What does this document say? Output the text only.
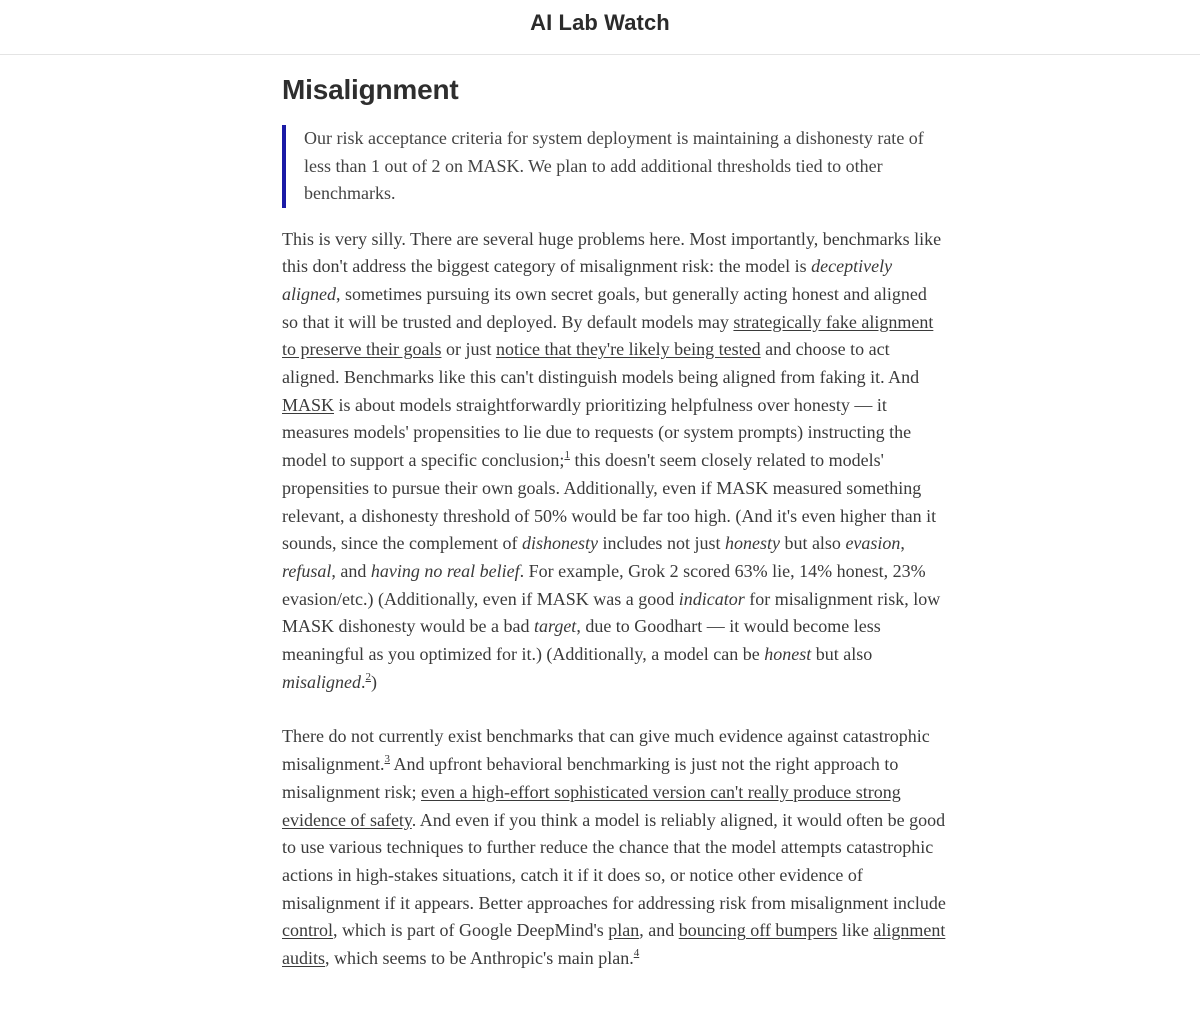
AI Lab Watch
Misalignment

Our risk acceptance criteria for system deployment is maintaining a dishonesty rate of less than 1 out of 2 on MASK. We plan to add additional thresholds tied to other benchmarks.

This is very silly. There are several huge problems here. Most importantly, benchmarks like this don't address the biggest category of misalignment risk: the model is deceptively aligned, sometimes pursuing its own secret goals, but generally acting honest and aligned so that it will be trusted and deployed. By default models may strategically fake alignment to preserve their goals or just notice that they're likely being tested and choose to act aligned. Benchmarks like this can't distinguish models being aligned from faking it. And MASK is about models straightforwardly prioritizing helpfulness over honesty — it measures models' propensities to lie due to requests (or system prompts) instructing the model to support a specific conclusion;$^1$ this doesn't seem closely related to models' propensities to pursue their own goals. Additionally, even if MASK measured something relevant, a dishonesty threshold of 50% would be far too high. (And it's even higher than it sounds, since the complement of dishonesty includes not just honesty but also evasion, refusal, and having no real belief. For example, Grok 2 scored 63% lie, 14% honest, 23% evasion/etc.) (Additionally, even if MASK was a good indicator for misalignment risk, low MASK dishonesty would be a bad target, due to Goodhart — it would become less meaningful as you optimized for it.) (Additionally, a model can be honest but also misaligned.$^2$)

There do not currently exist benchmarks that can give much evidence against catastrophic misalignment.$^3$ And upfront behavioral benchmarking is just not the right approach to misalignment risk; even a high-effort sophisticated version can't really produce strong evidence of safety. And even if you think a model is reliably aligned, it would often be good to use various techniques to further reduce the chance that the model attempts catastrophic actions in high-stakes situations, catch it if it does so, or notice other evidence of misalignment if it appears. Better approaches for addressing risk from misalignment include control, which is part of Google DeepMind's plan, and bouncing off bumpers like alignment audits, which seems to be Anthropic's main plan.$^4$
